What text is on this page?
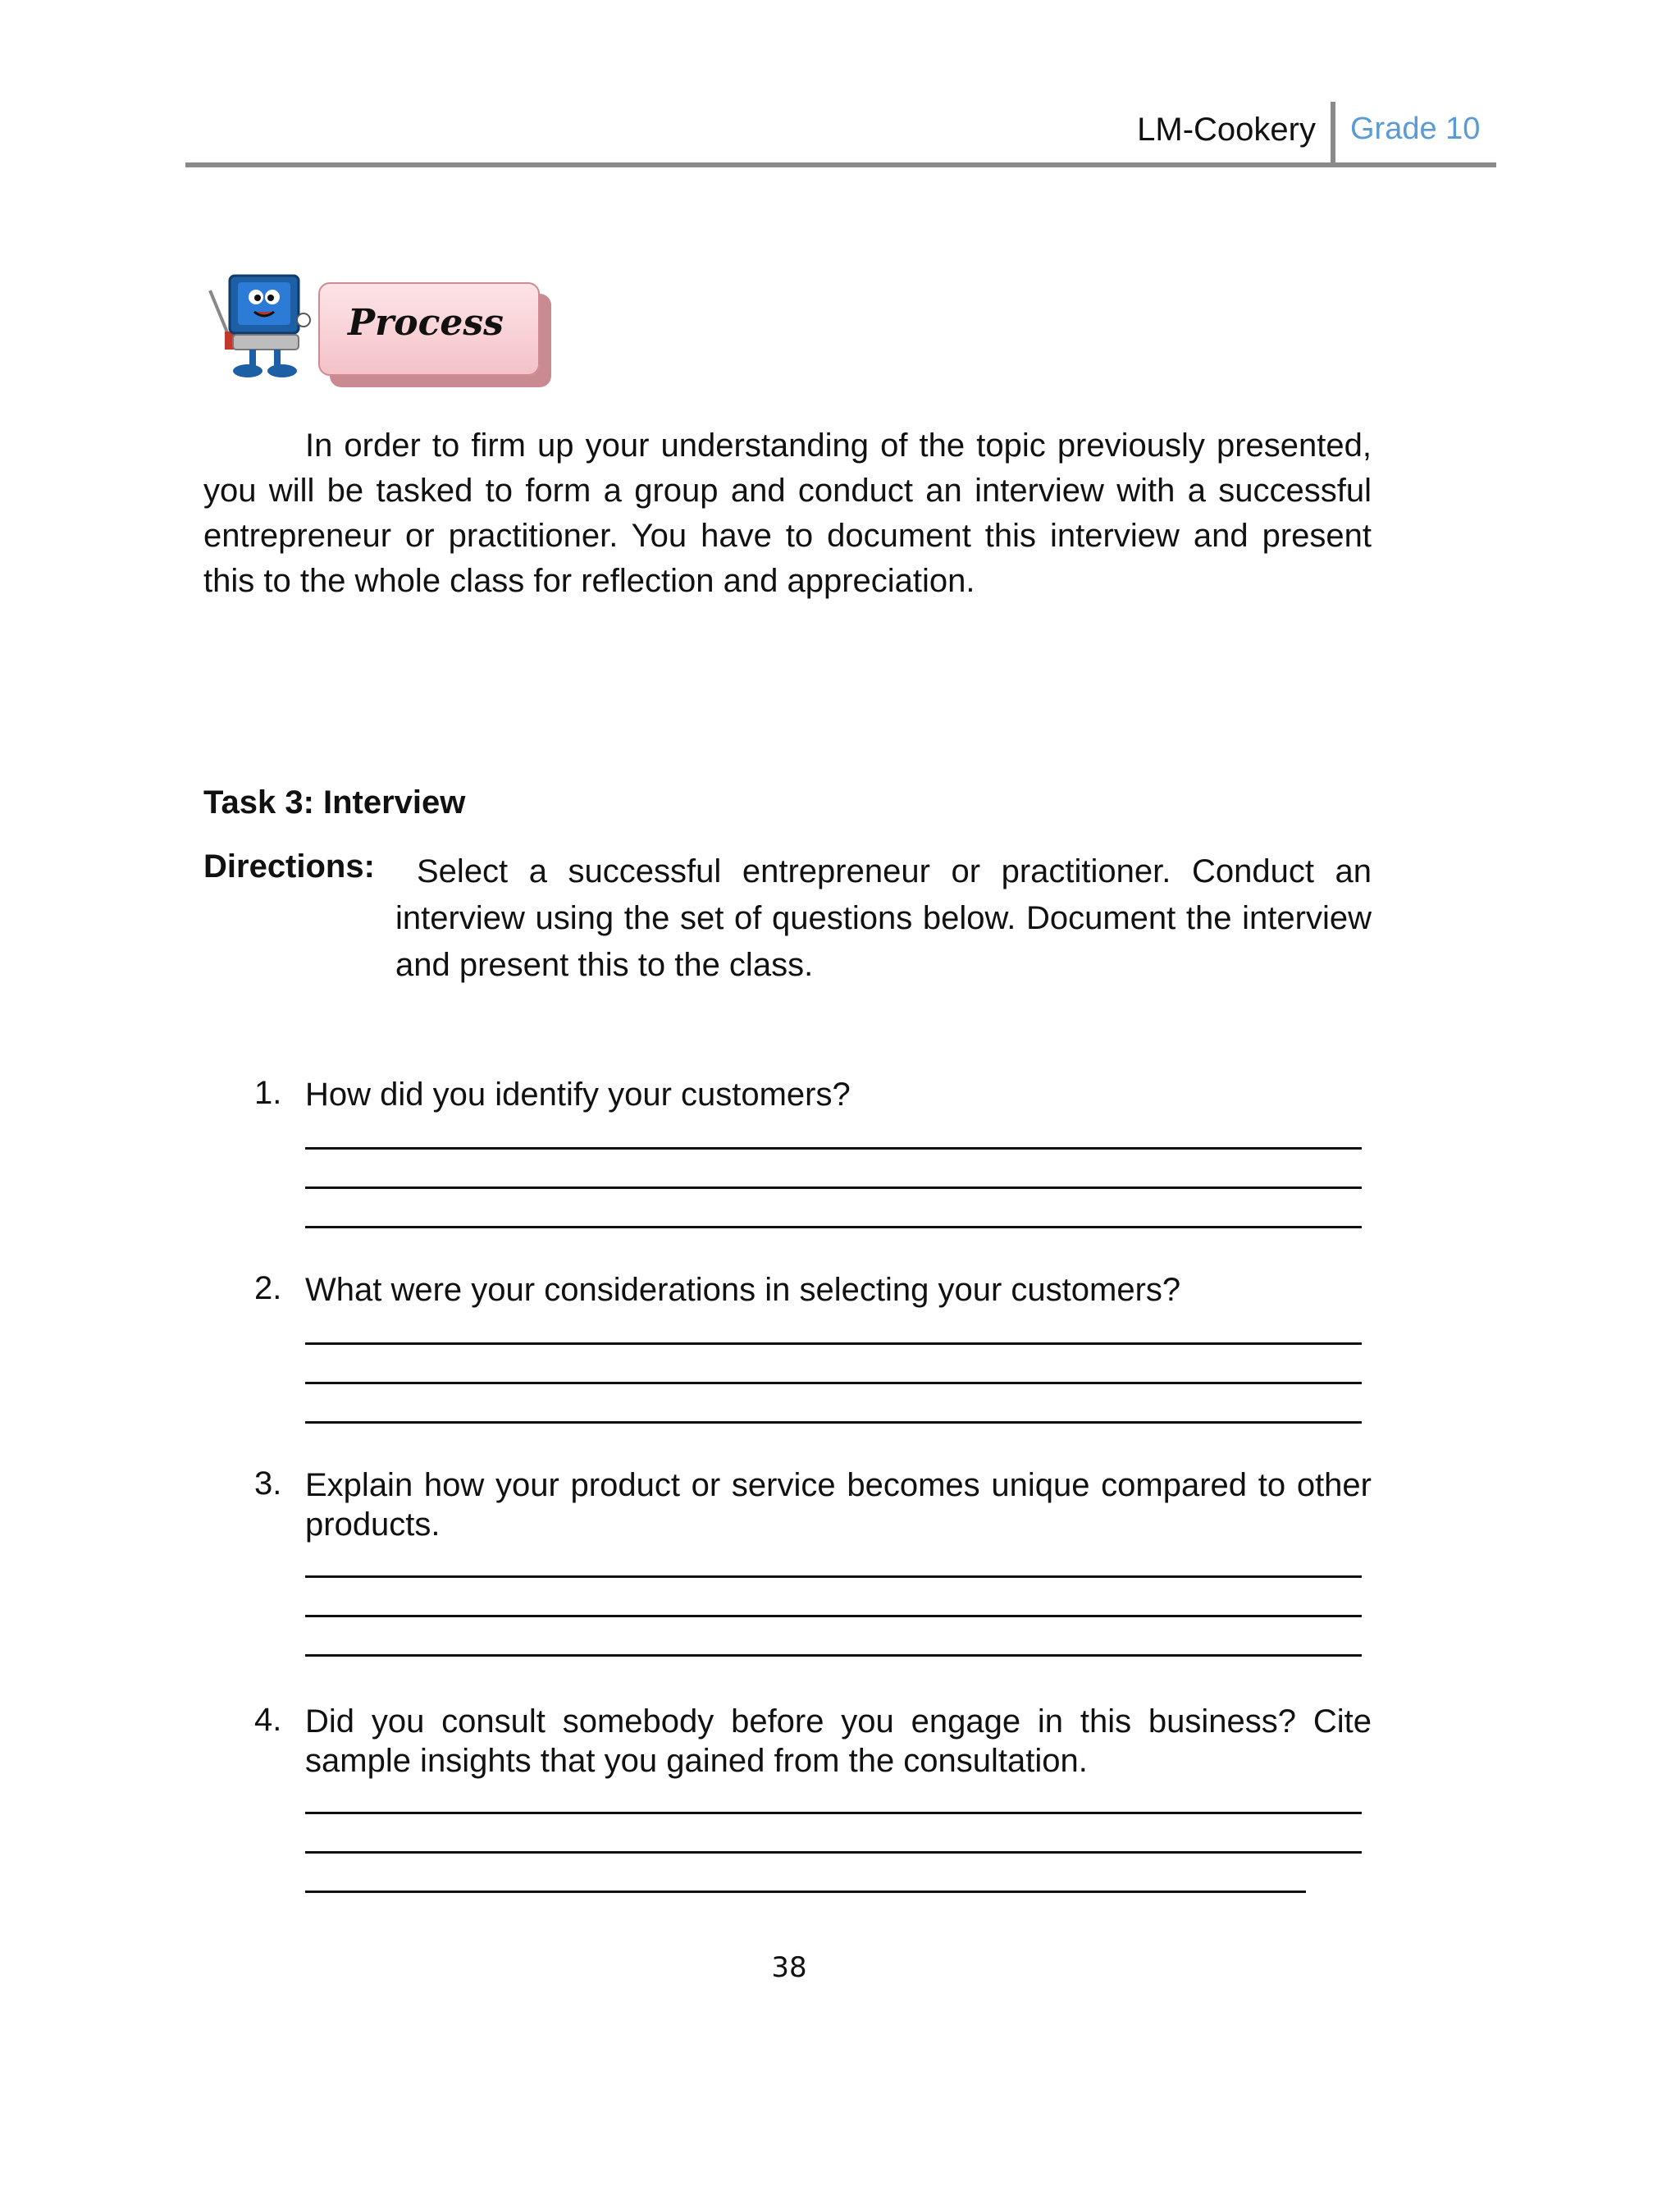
LM-Cookery Grade 10
Process
In order to firm up your understanding of the topic previously presented, you will be tasked to form a group and conduct an interview with a successful entrepreneur or practitioner. You have to document this interview and present this to the whole class for reflection and appreciation.
Task 3: Interview
Directions:	Select a successful entrepreneur or practitioner. Conduct an interview using the set of questions below. Document the interview and present this to the class.
1. How did you identify your customers?
2. What were your considerations in selecting your customers?
3. Explain how your product or service becomes unique compared to other products.
4. Did you consult somebody before you engage in this business? Cite sample insights that you gained from the consultation.
38
